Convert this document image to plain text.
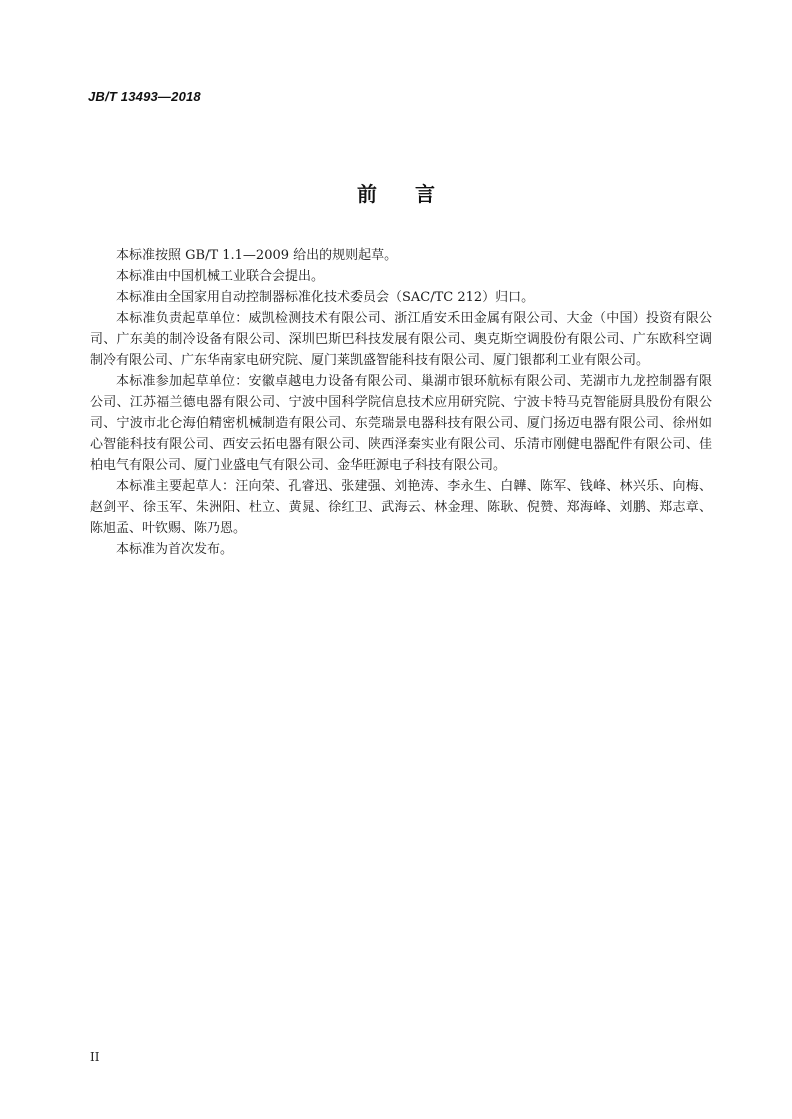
JB/T 13493—2018
前言

本标准按照 GB/T 1.1—2009 给出的规则起草。

本标准由中国机械工业联合会提出。

本标准由全国家用自动控制器标准化技术委员会（SAC/TC 212）归口。

本标准负责起草单位：威凯检测技术有限公司、浙江盾安禾田金属有限公司、大金（中国）投资有限公司、广东美的制冷设备有限公司、深圳巴斯巴科技发展有限公司、奥克斯空调股份有限公司、广东欧科空调制冷有限公司、广东华南家电研究院、厦门莱凯盛智能科技有限公司、厦门银都利工业有限公司。

本标准参加起草单位：安徽卓越电力设备有限公司、巢湖市银环航标有限公司、芜湖市九龙控制器有限公司、江苏福兰德电器有限公司、宁波中国科学院信息技术应用研究院、宁波卡特马克智能厨具股份有限公司、宁波市北仑海伯精密机械制造有限公司、东莞瑞景电器科技有限公司、厦门扬迈电器有限公司、徐州如心智能科技有限公司、西安云拓电器有限公司、陕西泽秦实业有限公司、乐清市刚健电器配件有限公司、佳柏电气有限公司、厦门业盛电气有限公司、金华旺源电子科技有限公司。

本标准主要起草人：汪向荣、孔睿迅、张建强、刘艳涛、李永生、白韡、陈军、钱峰、林兴乐、向梅、赵剑平、徐玉军、朱洲阳、杜立、黄晁、徐红卫、武海云、林金理、陈耿、倪赞、郑海峰、刘鹏、郑志章、陈旭孟、叶钦赐、陈乃恩。

本标准为首次发布。

II
